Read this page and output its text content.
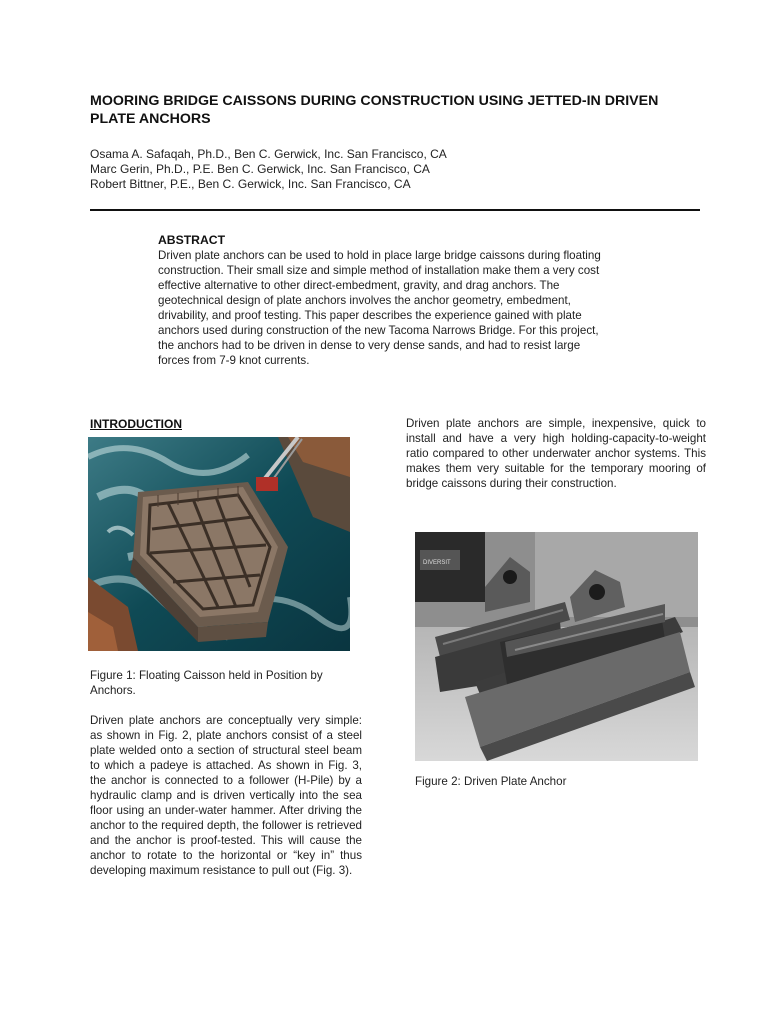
MOORING BRIDGE CAISSONS DURING CONSTRUCTION USING JETTED-IN DRIVEN PLATE ANCHORS
Osama A. Safaqah, Ph.D., Ben C. Gerwick, Inc. San Francisco, CA
Marc Gerin, Ph.D., P.E. Ben C. Gerwick, Inc. San Francisco, CA
Robert Bittner, P.E., Ben C. Gerwick, Inc. San Francisco, CA
ABSTRACT
Driven plate anchors can be used to hold in place large bridge caissons during floating construction. Their small size and simple method of installation make them a very cost effective alternative to other direct-embedment, gravity, and drag anchors. The geotechnical design of plate anchors involves the anchor geometry, embedment, drivability, and proof testing. This paper describes the experience gained with plate anchors used during construction of the new Tacoma Narrows Bridge. For this project, the anchors had to be driven in dense to very dense sands, and had to resist large forces from 7-9 knot currents.
INTRODUCTION
Figure 1: Floating Caisson held in Position by Anchors.
Driven plate anchors are conceptually very simple: as shown in Fig. 2, plate anchors consist of a steel plate welded onto a section of structural steel beam to which a padeye is attached. As shown in Fig. 3, the anchor is connected to a follower (H-Pile) by a hydraulic clamp and is driven vertically into the sea floor using an under-water hammer. After driving the anchor to the required depth, the follower is retrieved and the anchor is proof-tested. This will cause the anchor to rotate to the horizontal or “key in” thus developing maximum resistance to pull out (Fig. 3).
Driven plate anchors are simple, inexpensive, quick to install and have a very high holding-capacity-to-weight ratio compared to other underwater anchor systems. This makes them very suitable for the temporary mooring of bridge caissons during their construction.
DIVERSIT
Figure 2: Driven Plate Anchor
